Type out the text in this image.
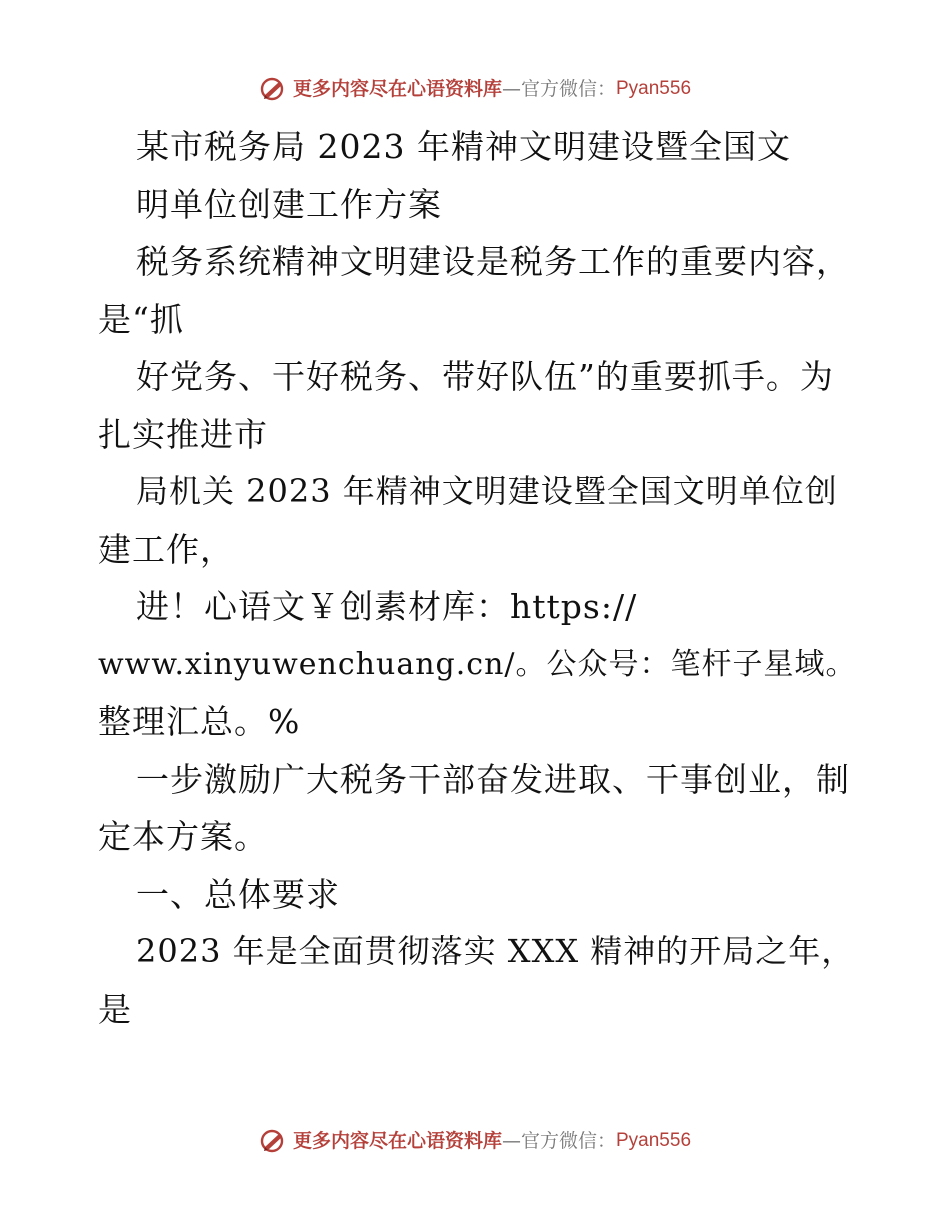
更多内容尽在心语资料库—官方微信：Pyan556
某市税务局 2023 年精神文明建设暨全国文
明单位创建工作方案
税务系统精神文明建设是税务工作的重要内容，
是“抓
好党务、干好税务、带好队伍”的重要抓手。为
扎实推进市
局机关 2023 年精神文明建设暨全国文明单位创
建工作，
进！心语文￥创素材库：https://
www.xinyuwenchuang.cn/。公众号：笔杆子星域。
整理汇总。%
一步激励广大税务干部奋发进取、干事创业，制
定本方案。
一、总体要求
2023 年是全面贯彻落实 XXX 精神的开局之年，
是
更多内容尽在心语资料库—官方微信：Pyan556
